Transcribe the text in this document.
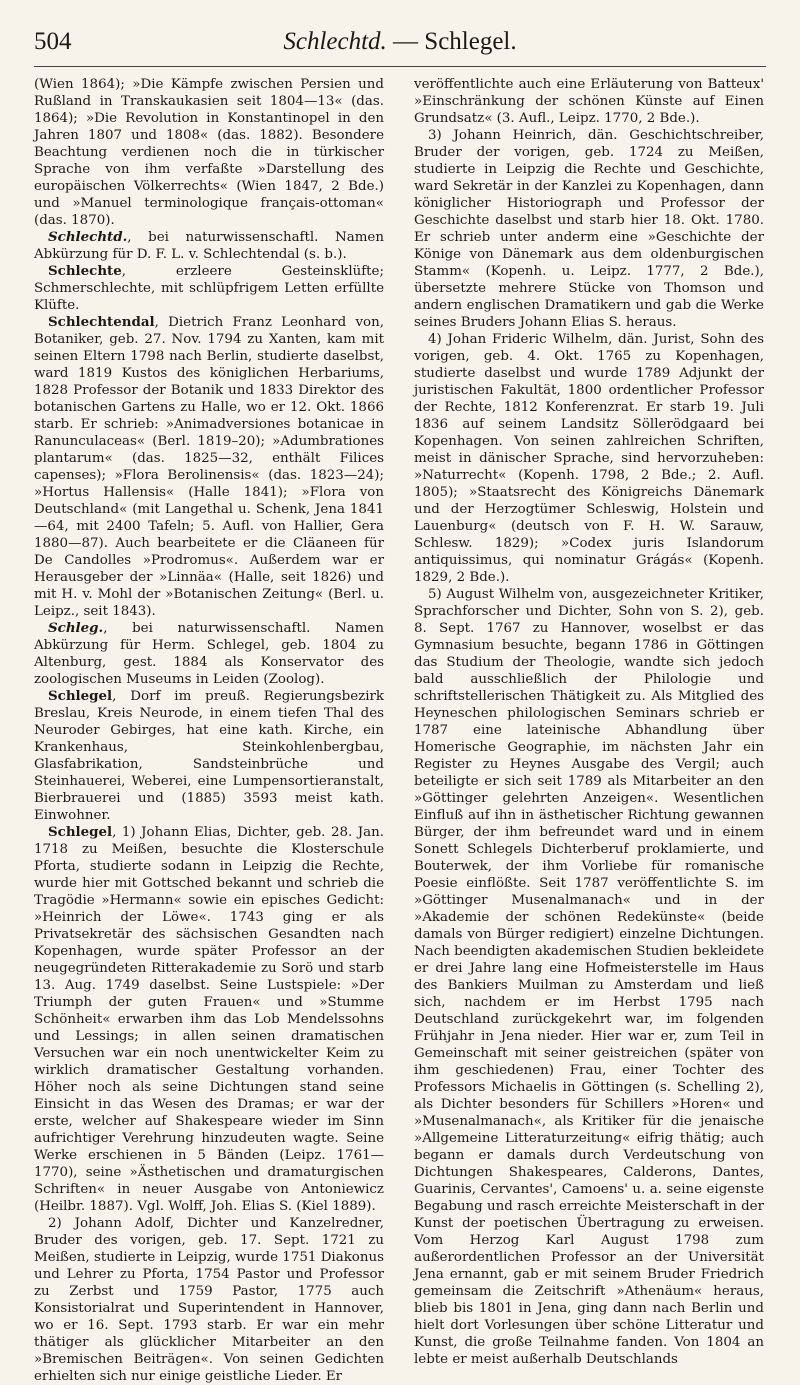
504	Schlechtd. — Schlegel.

(Wien 1864); »Die Kämpfe zwischen Persien und Rußland in Transkaukasien seit 1804—13« (das. 1864); »Die Revolution in Konstantinopel in den Jahren 1807 und 1808« (das. 1882). Besondere Beachtung verdienen noch die in türkischer Sprache von ihm verfaßte »Darstellung des europäischen Völkerrechts« (Wien 1847, 2 Bde.) und »Manuel terminologique français-ottoman« (das. 1870).

Schlechtd., bei naturwissenschaftl. Namen Abkürzung für D. F. L. v. Schlechtendal (s. b.).

Schlechte, erzleere Gesteinsklüfte; Schmerschlechte, mit schlüpfrigem Letten erfüllte Klüfte.

Schlechtendal, Dietrich Franz Leonhard von, Botaniker, geb. 27. Nov. 1794 zu Xanten, kam mit seinen Eltern 1798 nach Berlin, studierte daselbst, ward 1819 Kustos des königlichen Herbariums, 1828 Professor der Botanik und 1833 Direktor des botanischen Gartens zu Halle, wo er 12. Okt. 1866 starb. Er schrieb: »Animadversiones botanicae in Ranunculaceas« (Berl. 1819–20); »Adumbrationes plantarum« (das. 1825—32, enthält Filices capenses); »Flora Berolinensis« (das. 1823—24); »Hortus Hallensis« (Halle 1841); »Flora von Deutschland« (mit Langethal u. Schenk, Jena 1841—64, mit 2400 Tafeln; 5. Aufl. von Hallier, Gera 1880—87). Auch bearbeitete er die Cläaneen für De Candolles »Prodromus«. Außerdem war er Herausgeber der »Linnäa« (Halle, seit 1826) und mit H. v. Mohl der »Botanischen Zeitung« (Berl. u. Leipz., seit 1843).

Schleg., bei naturwissenschaftl. Namen Abkürzung für Herm. Schlegel, geb. 1804 zu Altenburg, gest. 1884 als Konservator des zoologischen Museums in Leiden (Zoolog).

Schlegel, Dorf im preuß. Regierungsbezirk Breslau, Kreis Neurode, in einem tiefen Thal des Neuroder Gebirges, hat eine kath. Kirche, ein Krankenhaus, Steinkohlenbergbau, Glasfabrikation, Sandsteinbrüche und Steinhauerei, Weberei, eine Lumpensortieranstalt, Bierbrauerei und (1885) 3593 meist kath. Einwohner.

Schlegel, 1) Johann Elias, Dichter, geb. 28. Jan. 1718 zu Meißen, besuchte die Klosterschule Pforta, studierte sodann in Leipzig die Rechte, wurde hier mit Gottsched bekannt und schrieb die Tragödie »Hermann« sowie ein episches Gedicht: »Heinrich der Löwe«. 1743 ging er als Privatsekretär des sächsischen Gesandten nach Kopenhagen, wurde später Professor an der neugegründeten Ritterakademie zu Sorö und starb 13. Aug. 1749 daselbst. Seine Lustspiele: »Der Triumph der guten Frauen« und »Stumme Schönheit« erwarben ihm das Lob Mendelssohns und Lessings; in allen seinen dramatischen Versuchen war ein noch unentwickelter Keim zu wirklich dramatischer Gestaltung vorhanden. Höher noch als seine Dichtungen stand seine Einsicht in das Wesen des Dramas; er war der erste, welcher auf Shakespeare wieder im Sinn aufrichtiger Verehrung hinzudeuten wagte. Seine Werke erschienen in 5 Bänden (Leipz. 1761—1770), seine »Ästhetischen und dramaturgischen Schriften« in neuer Ausgabe von Antoniewicz (Heilbr. 1887). Vgl. Wolff, Joh. Elias S. (Kiel 1889).

2) Johann Adolf, Dichter und Kanzelredner, Bruder des vorigen, geb. 17. Sept. 1721 zu Meißen, studierte in Leipzig, wurde 1751 Diakonus und Lehrer zu Pforta, 1754 Pastor und Professor zu Zerbst und 1759 Pastor, 1775 auch Konsistorialrat und Superintendent in Hannover, wo er 16. Sept. 1793 starb. Er war ein mehr thätiger als glücklicher Mitarbeiter an den »Bremischen Beiträgen«. Von seinen Gedichten erhielten sich nur einige geistliche Lieder. Er

veröffentlichte auch eine Erläuterung von Batteux' »Einschränkung der schönen Künste auf Einen Grundsatz« (3. Aufl., Leipz. 1770, 2 Bde.).

3) Johann Heinrich, dän. Geschichtschreiber, Bruder der vorigen, geb. 1724 zu Meißen, studierte in Leipzig die Rechte und Geschichte, ward Sekretär in der Kanzlei zu Kopenhagen, dann königlicher Historiograph und Professor der Geschichte daselbst und starb hier 18. Okt. 1780. Er schrieb unter anderm eine »Geschichte der Könige von Dänemark aus dem oldenburgischen Stamm« (Kopenh. u. Leipz. 1777, 2 Bde.), übersetzte mehrere Stücke von Thomson und andern englischen Dramatikern und gab die Werke seines Bruders Johann Elias S. heraus.

4) Johan Frideric Wilhelm, dän. Jurist, Sohn des vorigen, geb. 4. Okt. 1765 zu Kopenhagen, studierte daselbst und wurde 1789 Adjunkt der juristischen Fakultät, 1800 ordentlicher Professor der Rechte, 1812 Konferenzrat. Er starb 19. Juli 1836 auf seinem Landsitz Söllerödgaard bei Kopenhagen. Von seinen zahlreichen Schriften, meist in dänischer Sprache, sind hervorzuheben: »Naturrecht« (Kopenh. 1798, 2 Bde.; 2. Aufl. 1805); »Staatsrecht des Königreichs Dänemark und der Herzogtümer Schleswig, Holstein und Lauenburg« (deutsch von F. H. W. Sarauw, Schlesw. 1829); »Codex juris Islandorum antiquissimus, qui nominatur Grágás« (Kopenh. 1829, 2 Bde.).

5) August Wilhelm von, ausgezeichneter Kritiker, Sprachforscher und Dichter, Sohn von S. 2), geb. 8. Sept. 1767 zu Hannover, woselbst er das Gymnasium besuchte, begann 1786 in Göttingen das Studium der Theologie, wandte sich jedoch bald ausschließlich der Philologie und schriftstellerischen Thätigkeit zu. Als Mitglied des Heyneschen philologischen Seminars schrieb er 1787 eine lateinische Abhandlung über Homerische Geographie, im nächsten Jahr ein Register zu Heynes Ausgabe des Vergil; auch beteiligte er sich seit 1789 als Mitarbeiter an den »Göttinger gelehrten Anzeigen«. Wesentlichen Einfluß auf ihn in ästhetischer Richtung gewannen Bürger, der ihm befreundet ward und in einem Sonett Schlegels Dichterberuf proklamierte, und Bouterwek, der ihm Vorliebe für romanische Poesie einflößte. Seit 1787 veröffentlichte S. im »Göttinger Musenalmanach« und in der »Akademie der schönen Redekünste« (beide damals von Bürger redigiert) einzelne Dichtungen. Nach beendigten akademischen Studien bekleidete er drei Jahre lang eine Hofmeisterstelle im Haus des Bankiers Muilman zu Amsterdam und ließ sich, nachdem er im Herbst 1795 nach Deutschland zurückgekehrt war, im folgenden Frühjahr in Jena nieder. Hier war er, zum Teil in Gemeinschaft mit seiner geistreichen (später von ihm geschiedenen) Frau, einer Tochter des Professors Michaelis in Göttingen (s. Schelling 2), als Dichter besonders für Schillers »Horen« und »Musenalmanach«, als Kritiker für die jenaische »Allgemeine Litteraturzeitung« eifrig thätig; auch begann er damals durch Verdeutschung von Dichtungen Shakespeares, Calderons, Dantes, Guarinis, Cervantes', Camoens' u. a. seine eigenste Begabung und rasch erreichte Meisterschaft in der Kunst der poetischen Übertragung zu erweisen. Vom Herzog Karl August 1798 zum außerordentlichen Professor an der Universität Jena ernannt, gab er mit seinem Bruder Friedrich gemeinsam die Zeitschrift »Athenäum« heraus, blieb bis 1801 in Jena, ging dann nach Berlin und hielt dort Vorlesungen über schöne Litteratur und Kunst, die große Teilnahme fanden. Von 1804 an lebte er meist außerhalb Deutschlands
